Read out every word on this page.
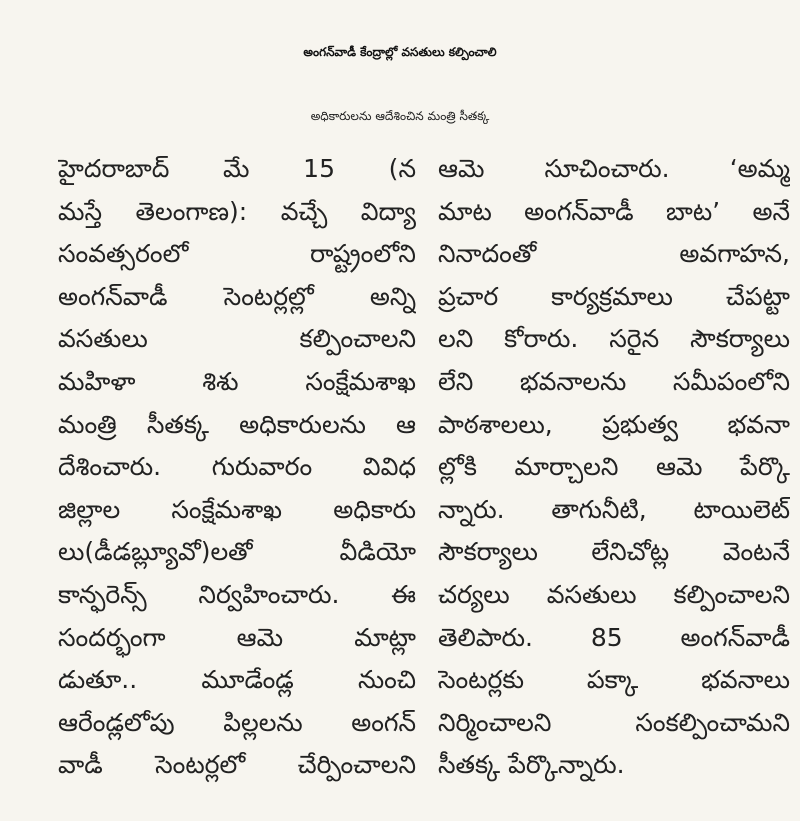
అంగన్‌వాడీ కేంద్రాల్లో వసతులు కల్పించాలి
అధికారులను ఆదేశించిన మంత్రి సీతక్క
హైదరాబాద్‌ మే 15 (న
మస్తే తెలంగాణ): వచ్చే విద్యా
సంవత్సరంలో రాష్ట్రంలోని
అంగన్‌వాడీ సెంటర్లల్లో అన్ని
వసతులు కల్పించాలని
మహిళా శిశు సంక్షేమశాఖ
మంత్రి సీతక్క అధికారులను ఆ
దేశించారు. గురువారం వివిధ
జిల్లాల సంక్షేమశాఖ అధికారు
లు(డీడబ్ల్యూవో)లతో వీడియో
కాన్ఫరెన్స్‌ నిర్వహించారు. ఈ
సందర్భంగా ఆమె మాట్లా
డుతూ.. మూడేండ్ల నుంచి
ఆరేండ్లలోపు పిల్లలను అంగన్‌
వాడీ సెంటర్లలో చేర్పించాలని
ఆమె సూచించారు. ‘అమ్మ
మాట అంగన్‌వాడీ బాట’ అనే
నినాదంతో అవగాహన,
ప్రచార కార్యక్రమాలు చేపట్టా
లని కోరారు. సరైన సౌకర్యాలు
లేని భవనాలను సమీపంలోని
పాఠశాలలు, ప్రభుత్వ భవనా
ల్లోకి మార్చాలని ఆమె పేర్కొ
న్నారు. తాగునీటి, టాయిలెట్‌
సౌకర్యాలు లేనిచోట్ల వెంటనే
చర్యలు వసతులు కల్పించాలని
తెలిపారు. 85 అంగన్‌వాడీ
సెంటర్లకు పక్కా భవనాలు
నిర్మించాలని సంకల్పించామని
సీతక్క పేర్కొన్నారు.
